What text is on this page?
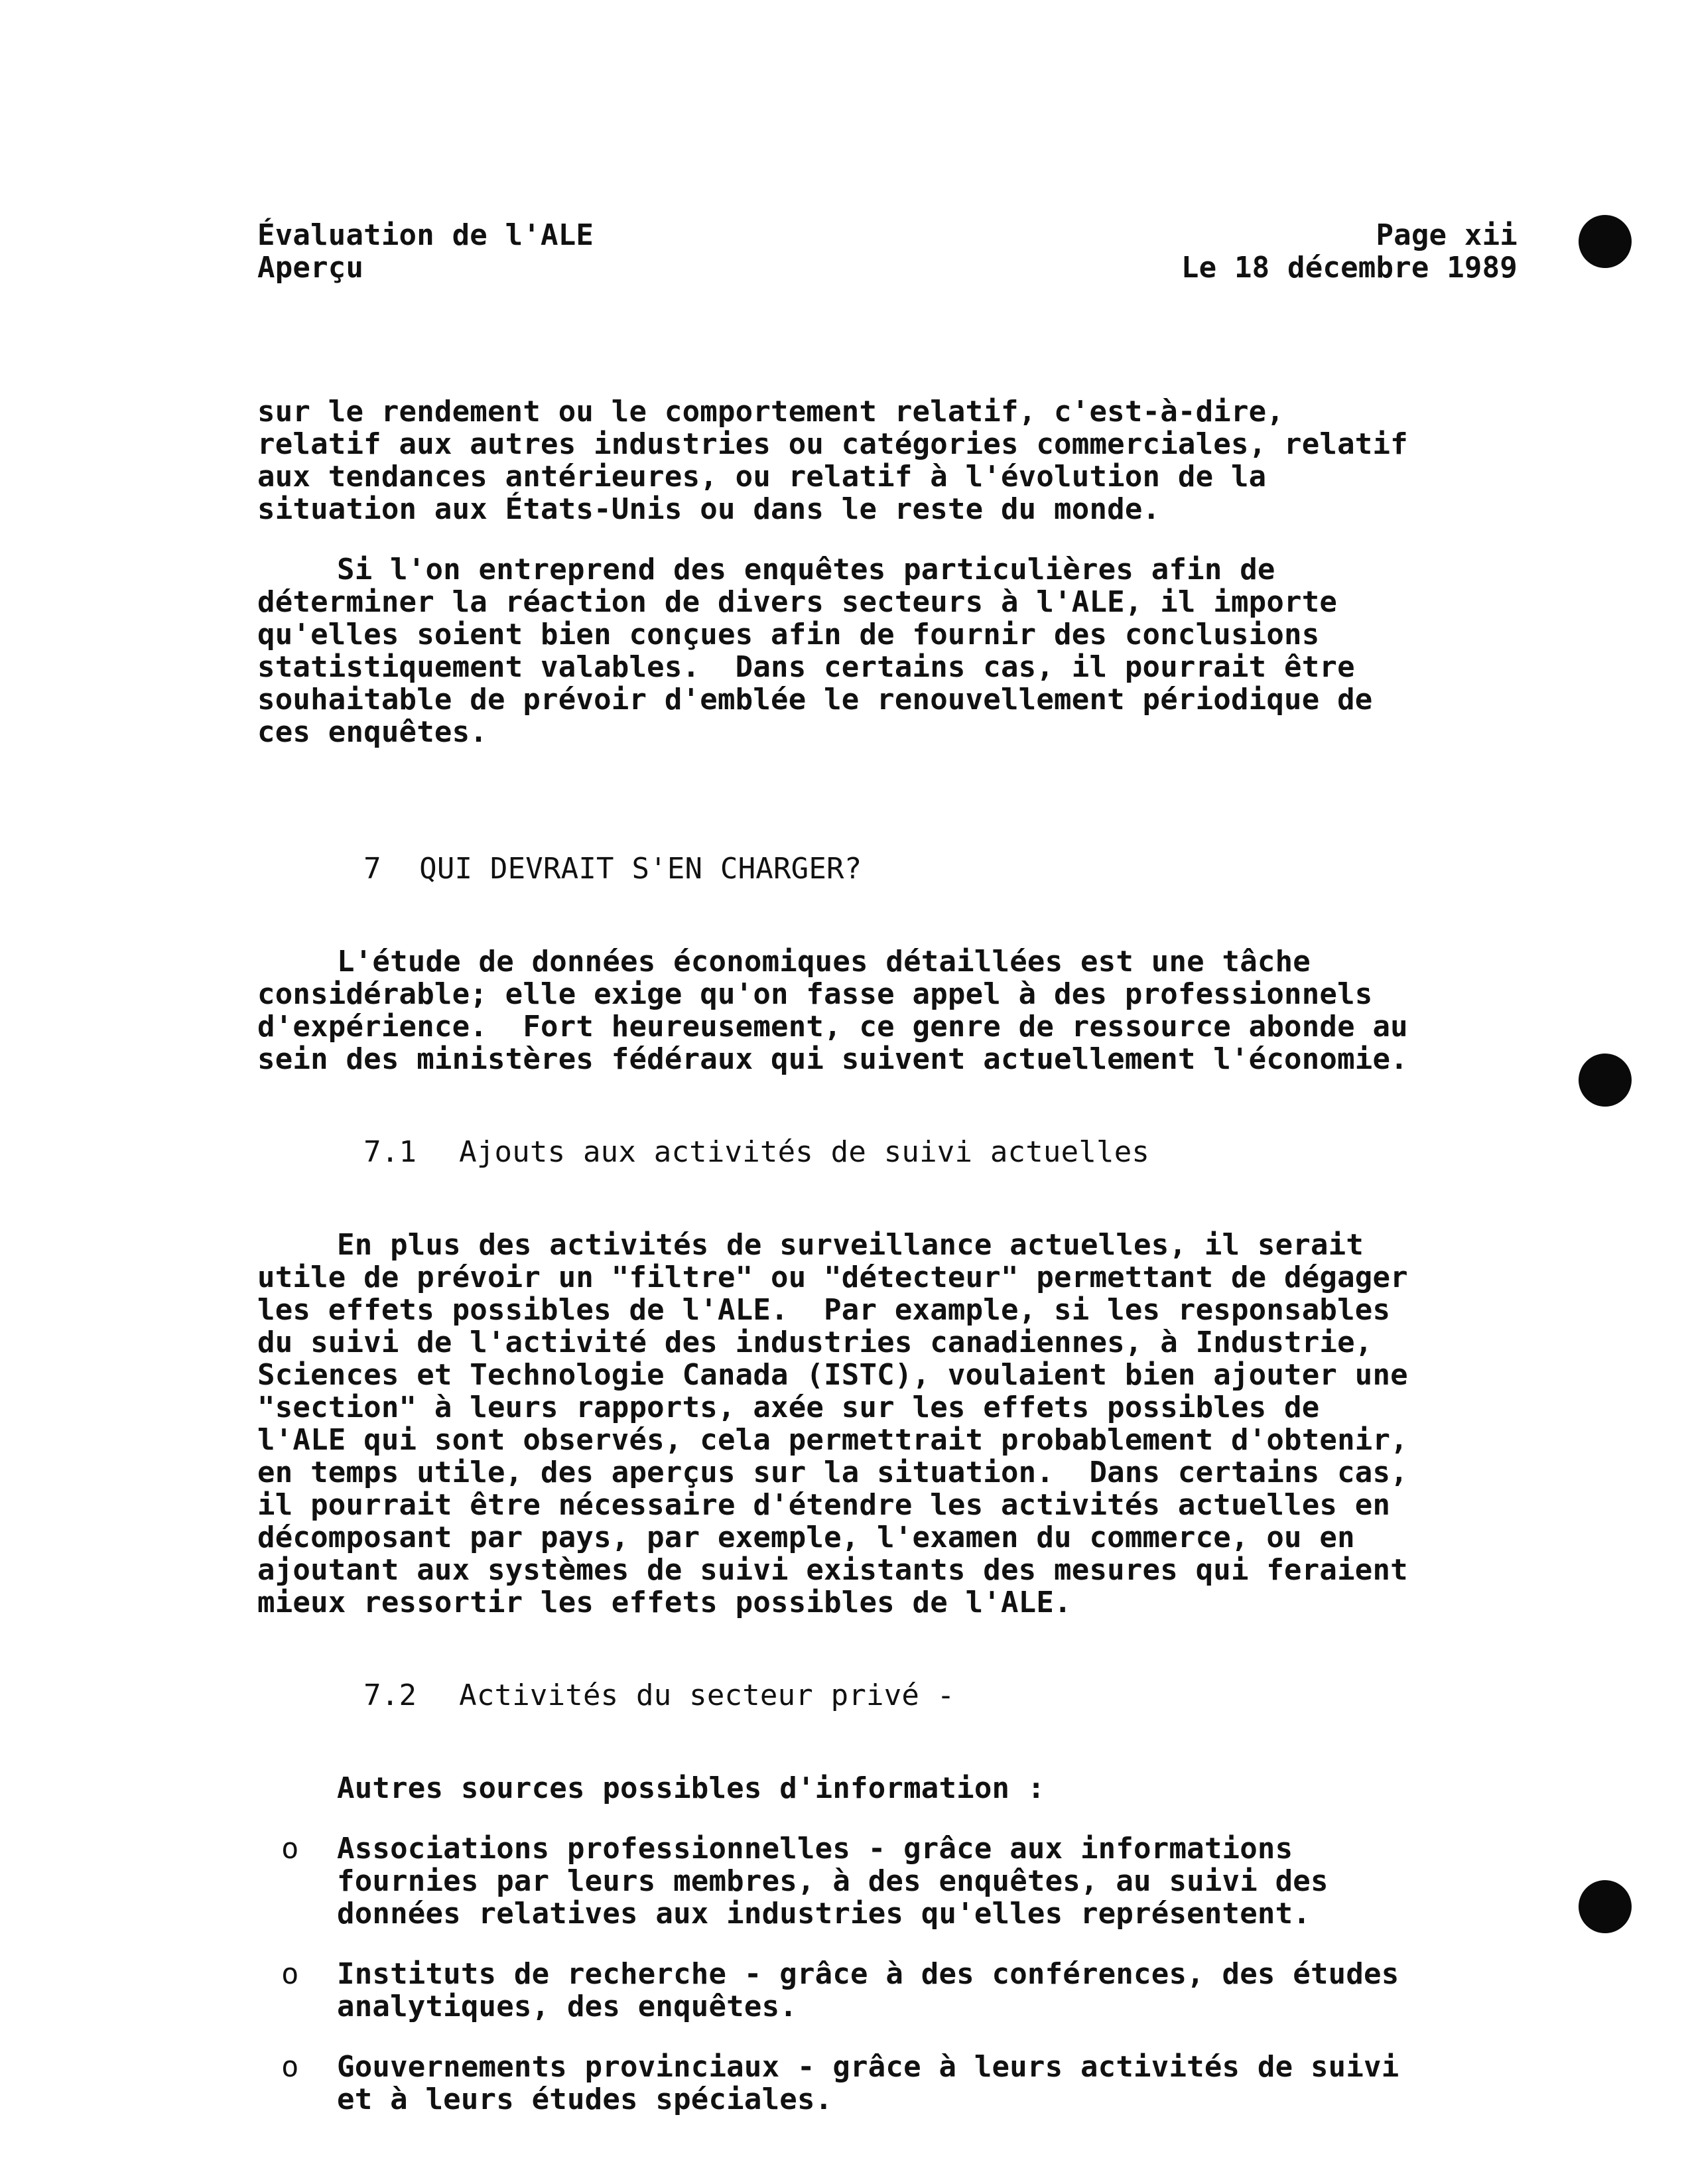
Évaluation de l'ALE
Aperçu
Page xii
Le 18 décembre 1989
sur le rendement ou le comportement relatif, c'est-à-dire,
relatif aux autres industries ou catégories commerciales, relatif
aux tendances antérieures, ou relatif à l'évolution de la
situation aux États-Unis ou dans le reste du monde.
Si l'on entreprend des enquêtes particulières afin de
déterminer la réaction de divers secteurs à l'ALE, il importe
qu'elles soient bien conçues afin de fournir des conclusions
statistiquement valables.  Dans certains cas, il pourrait être
souhaitable de prévoir d'emblée le renouvellement périodique de
ces enquêtes.

7 QUI DEVRAIT S'EN CHARGER?

L'étude de données économiques détaillées est une tâche
considérable; elle exige qu'on fasse appel à des professionnels
d'expérience.  Fort heureusement, ce genre de ressource abonde au
sein des ministères fédéraux qui suivent actuellement l'économie.

7.1 Ajouts aux activités de suivi actuelles

En plus des activités de surveillance actuelles, il serait
utile de prévoir un "filtre" ou "détecteur" permettant de dégager
les effets possibles de l'ALE.  Par example, si les responsables
du suivi de l'activité des industries canadiennes, à Industrie,
Sciences et Technologie Canada (ISTC), voulaient bien ajouter une
"section" à leurs rapports, axée sur les effets possibles de
l'ALE qui sont observés, cela permettrait probablement d'obtenir,
en temps utile, des aperçus sur la situation.  Dans certains cas,
il pourrait être nécessaire d'étendre les activités actuelles en
décomposant par pays, par exemple, l'examen du commerce, ou en
ajoutant aux systèmes de suivi existants des mesures qui feraient
mieux ressortir les effets possibles de l'ALE.

7.2 Activités du secteur privé -

Autres sources possibles d'information :
o Associations professionnelles - grâce aux informations
fournies par leurs membres, à des enquêtes, au suivi des
données relatives aux industries qu'elles représentent.
o Instituts de recherche - grâce à des conférences, des études
analytiques, des enquêtes.
o Gouvernements provinciaux - grâce à leurs activités de suivi
et à leurs études spéciales.
